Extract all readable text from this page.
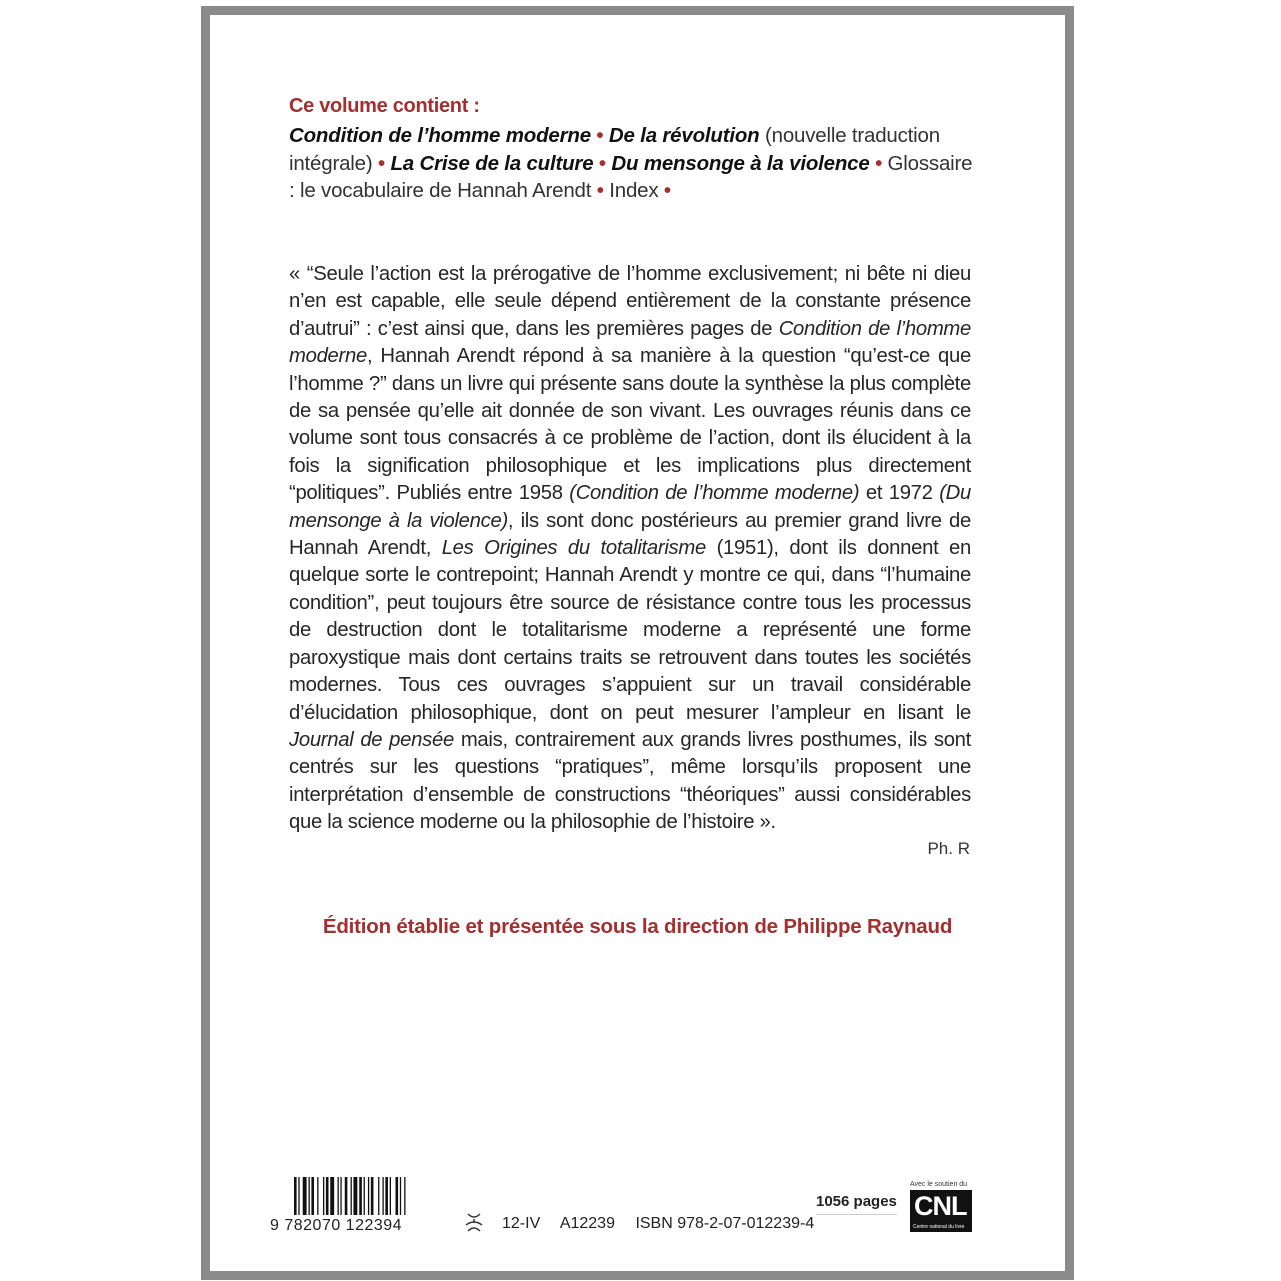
Ce volume contient :
Condition de l’homme moderne • De la révolution (nouvelle traduction intégrale) • La Crise de la culture • Du mensonge à la violence • Glossaire : le vocabulaire de Hannah Arendt • Index •
« “Seule l’action est la prérogative de l’homme exclusivement; ni bête ni dieu n’en est capable, elle seule dépend entièrement de la constante présence d’autrui” : c’est ainsi que, dans les premières pages de Condition de l’homme moderne, Hannah Arendt répond à sa manière à la question “qu’est-ce que l’homme ?” dans un livre qui présente sans doute la synthèse la plus complète de sa pensée qu’elle ait donnée de son vivant. Les ouvrages réunis dans ce volume sont tous consacrés à ce problème de l’action, dont ils élucident à la fois la signification philosophique et les implications plus directement “politiques”. Publiés entre 1958 (Condition de l’homme moderne) et 1972 (Du mensonge à la violence), ils sont donc postérieurs au premier grand livre de Hannah Arendt, Les Origines du totalitarisme (1951), dont ils donnent en quelque sorte le contrepoint; Hannah Arendt y montre ce qui, dans “l’humaine condition”, peut toujours être source de résistance contre tous les processus de destruction dont le totalitarisme moderne a représenté une forme paroxystique mais dont certains traits se retrouvent dans toutes les sociétés modernes. Tous ces ouvrages s’appuient sur un travail considérable d’élucidation philosophique, dont on peut mesurer l’ampleur en lisant le Journal de pensée mais, contrairement aux grands livres posthumes, ils sont centrés sur les questions “pratiques”, même lorsqu’ils proposent une interprétation d’ensemble de constructions “théoriques” aussi considérables que la science moderne ou la philosophie de l’histoire ».
Ph. R
Édition établie et présentée sous la direction de Philippe Raynaud
9 782070 122394	12-IV A12239 ISBN 978-2-07-012239-4
1056 pages
Avec le soutien du
CNL
Centre national du livre
